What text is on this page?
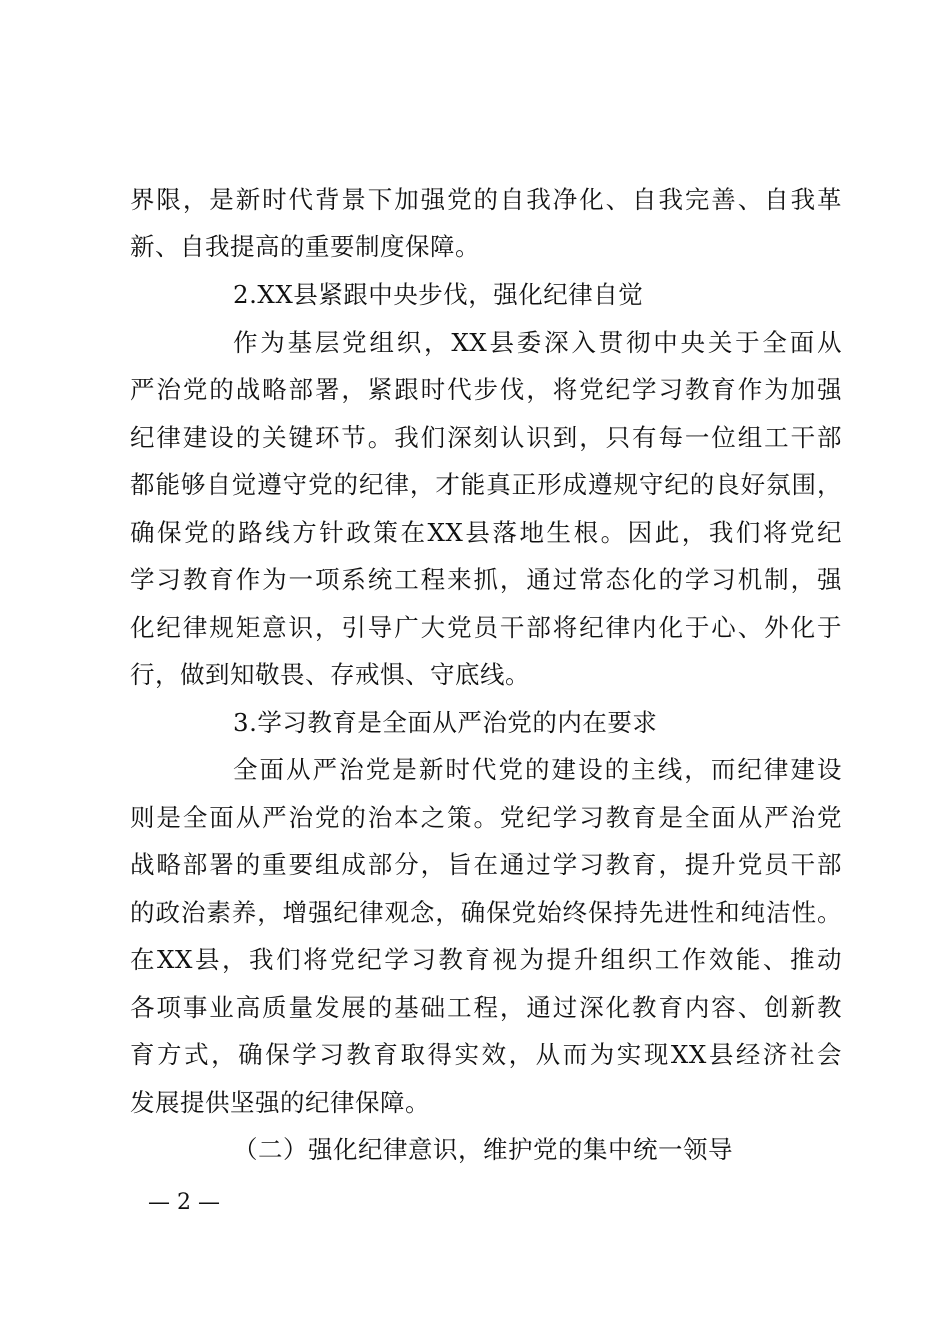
界限，是新时代背景下加强党的自我净化、自我完善、自我革
新、自我提高的重要制度保障。
2.XX县紧跟中央步伐，强化纪律自觉
作为基层党组织，XX县委深入贯彻中央关于全面从
严治党的战略部署，紧跟时代步伐，将党纪学习教育作为加强
纪律建设的关键环节。我们深刻认识到，只有每一位组工干部
都能够自觉遵守党的纪律，才能真正形成遵规守纪的良好氛围，
确保党的路线方针政策在XX县落地生根。因此，我们将党纪
学习教育作为一项系统工程来抓，通过常态化的学习机制，强
化纪律规矩意识，引导广大党员干部将纪律内化于心、外化于
行，做到知敬畏、存戒惧、守底线。
3.学习教育是全面从严治党的内在要求
全面从严治党是新时代党的建设的主线，而纪律建设
则是全面从严治党的治本之策。党纪学习教育是全面从严治党
战略部署的重要组成部分，旨在通过学习教育，提升党员干部
的政治素养，增强纪律观念，确保党始终保持先进性和纯洁性。
在XX县，我们将党纪学习教育视为提升组织工作效能、推动
各项事业高质量发展的基础工程，通过深化教育内容、创新教
育方式，确保学习教育取得实效，从而为实现XX县经济社会
发展提供坚强的纪律保障。
（二）强化纪律意识，维护党的集中统一领导
— 2 —
